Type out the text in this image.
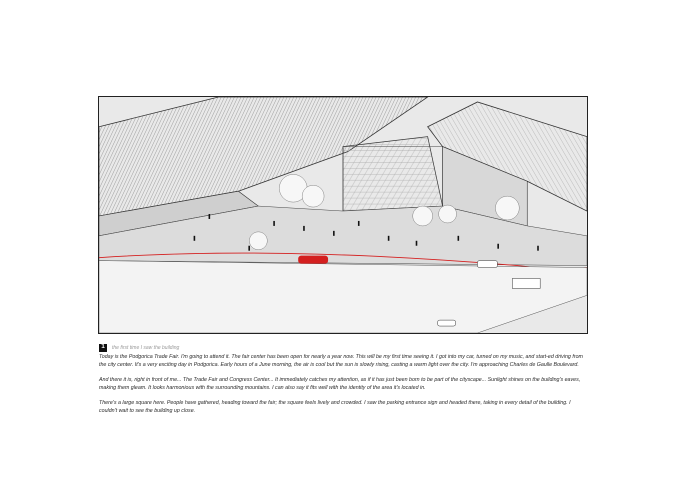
1	the first time I saw the building

Today is the Podgorica Trade Fair. I'm going to attend it. The fair center has been open for nearly a year now. This will be my first time seeing it. I got into my car, turned on my music, and start-ed driving from the city center. It's a very exciting day in Podgorica. Early hours of a June morning, the air is cool but the sun is slowly rising, casting a warm light over the city. I'm approaching Charles de Gaulle Boulevard.

And there it is, right in front of me... The Trade Fair and Congress Center... It immediately catches my attention, as if it has just been born to be part of the cityscape... Sunlight shines on the building's eaves, making them gleam. It looks harmonious with the surrounding mountains. I can also say it fits well with the identity of the area it's located in.

There's a large square here. People have gathered, heading toward the fair; the square feels lively and crowded. I saw the parking entrance sign and headed there, taking in every detail of the building. I couldn't wait to see the building up close.
